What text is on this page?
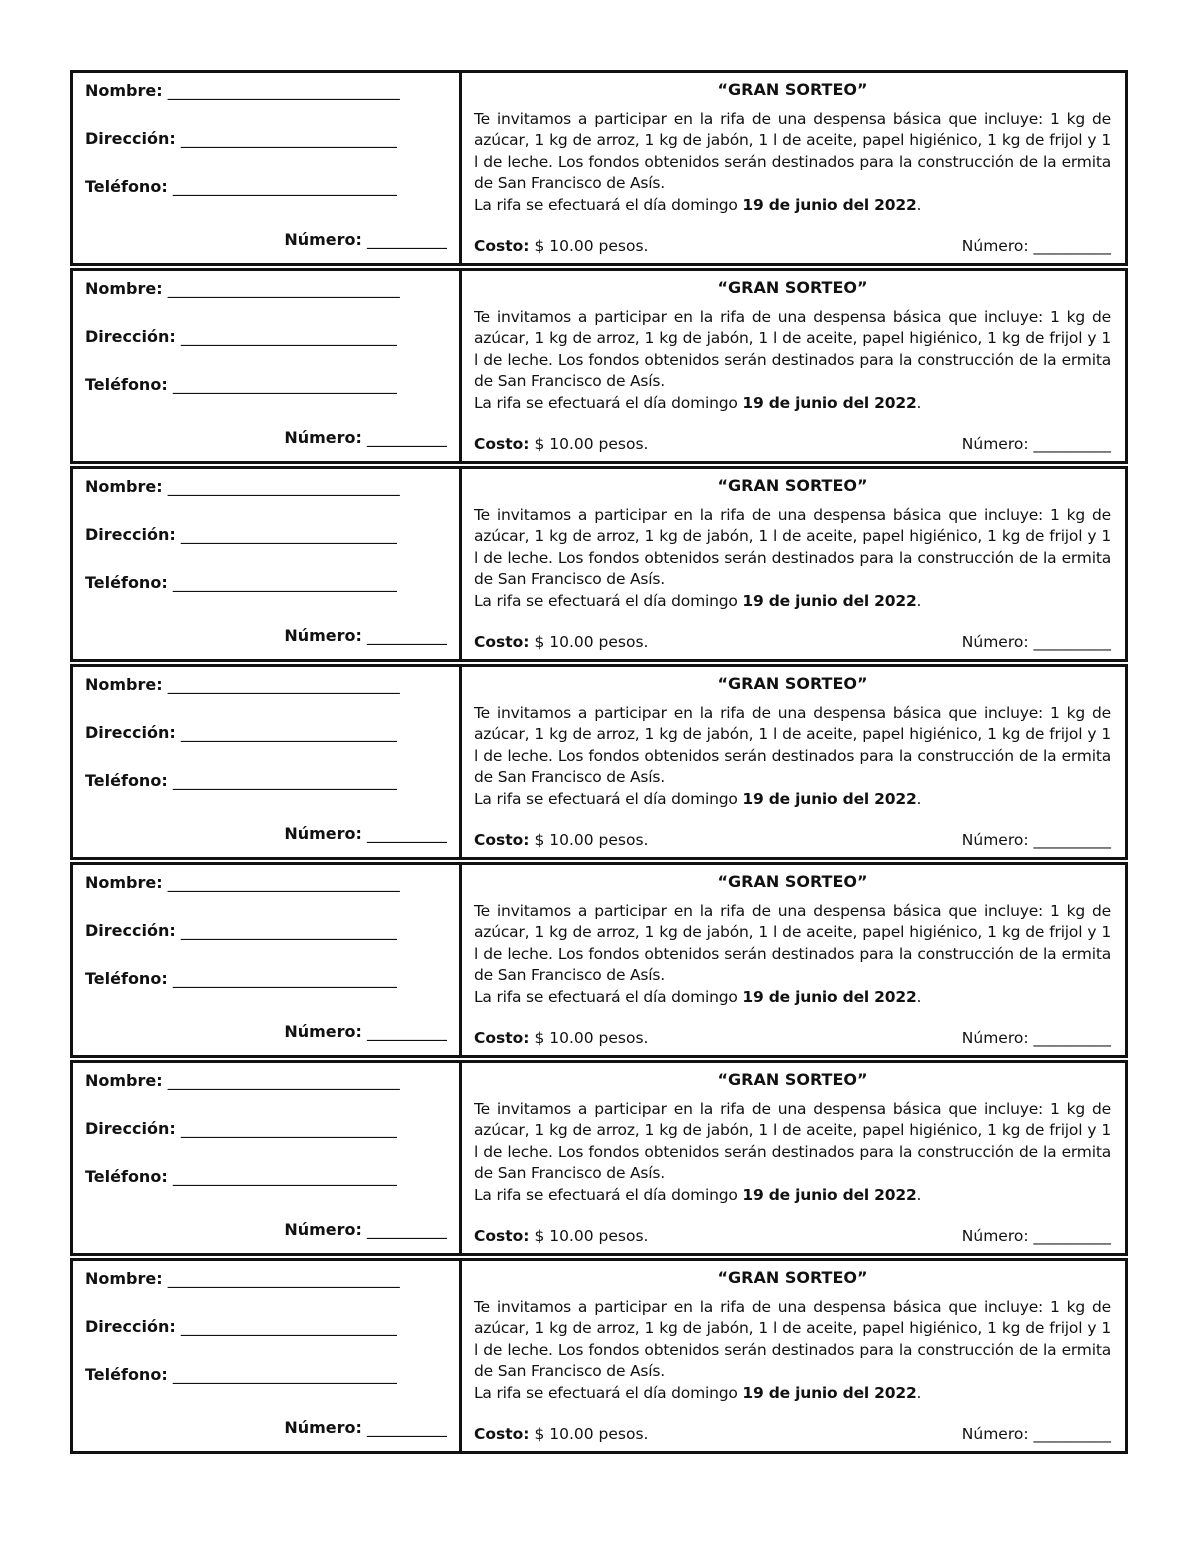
Nombre: _____________________________
Dirección: ___________________________
Teléfono: ____________________________
Número: __________
“GRAN SORTEO”
Te invitamos a participar en la rifa de una despensa básica que incluye: 1 kg de azúcar, 1 kg de arroz, 1 kg de jabón, 1 l de aceite, papel higiénico, 1 kg de frijol y 1 l de leche. Los fondos obtenidos serán destinados para la construcción de la ermita de San Francisco de Asís.
La rifa se efectuará el día domingo 19 de junio del 2022.
Costo: $ 10.00 pesos.	Número: __________
Nombre: _____________________________
Dirección: ___________________________
Teléfono: ____________________________
Número: __________
“GRAN SORTEO”
Te invitamos a participar en la rifa de una despensa básica que incluye: 1 kg de azúcar, 1 kg de arroz, 1 kg de jabón, 1 l de aceite, papel higiénico, 1 kg de frijol y 1 l de leche. Los fondos obtenidos serán destinados para la construcción de la ermita de San Francisco de Asís.
La rifa se efectuará el día domingo 19 de junio del 2022.
Costo: $ 10.00 pesos.	Número: __________
Nombre: _____________________________
Dirección: ___________________________
Teléfono: ____________________________
Número: __________
“GRAN SORTEO”
Te invitamos a participar en la rifa de una despensa básica que incluye: 1 kg de azúcar, 1 kg de arroz, 1 kg de jabón, 1 l de aceite, papel higiénico, 1 kg de frijol y 1 l de leche. Los fondos obtenidos serán destinados para la construcción de la ermita de San Francisco de Asís.
La rifa se efectuará el día domingo 19 de junio del 2022.
Costo: $ 10.00 pesos.	Número: __________
Nombre: _____________________________
Dirección: ___________________________
Teléfono: ____________________________
Número: __________
“GRAN SORTEO”
Te invitamos a participar en la rifa de una despensa básica que incluye: 1 kg de azúcar, 1 kg de arroz, 1 kg de jabón, 1 l de aceite, papel higiénico, 1 kg de frijol y 1 l de leche. Los fondos obtenidos serán destinados para la construcción de la ermita de San Francisco de Asís.
La rifa se efectuará el día domingo 19 de junio del 2022.
Costo: $ 10.00 pesos.	Número: __________
Nombre: _____________________________
Dirección: ___________________________
Teléfono: ____________________________
Número: __________
“GRAN SORTEO”
Te invitamos a participar en la rifa de una despensa básica que incluye: 1 kg de azúcar, 1 kg de arroz, 1 kg de jabón, 1 l de aceite, papel higiénico, 1 kg de frijol y 1 l de leche. Los fondos obtenidos serán destinados para la construcción de la ermita de San Francisco de Asís.
La rifa se efectuará el día domingo 19 de junio del 2022.
Costo: $ 10.00 pesos.	Número: __________
Nombre: _____________________________
Dirección: ___________________________
Teléfono: ____________________________
Número: __________
“GRAN SORTEO”
Te invitamos a participar en la rifa de una despensa básica que incluye: 1 kg de azúcar, 1 kg de arroz, 1 kg de jabón, 1 l de aceite, papel higiénico, 1 kg de frijol y 1 l de leche. Los fondos obtenidos serán destinados para la construcción de la ermita de San Francisco de Asís.
La rifa se efectuará el día domingo 19 de junio del 2022.
Costo: $ 10.00 pesos.	Número: __________
Nombre: _____________________________
Dirección: ___________________________
Teléfono: ____________________________
Número: __________
“GRAN SORTEO”
Te invitamos a participar en la rifa de una despensa básica que incluye: 1 kg de azúcar, 1 kg de arroz, 1 kg de jabón, 1 l de aceite, papel higiénico, 1 kg de frijol y 1 l de leche. Los fondos obtenidos serán destinados para la construcción de la ermita de San Francisco de Asís.
La rifa se efectuará el día domingo 19 de junio del 2022.
Costo: $ 10.00 pesos.	Número: __________
